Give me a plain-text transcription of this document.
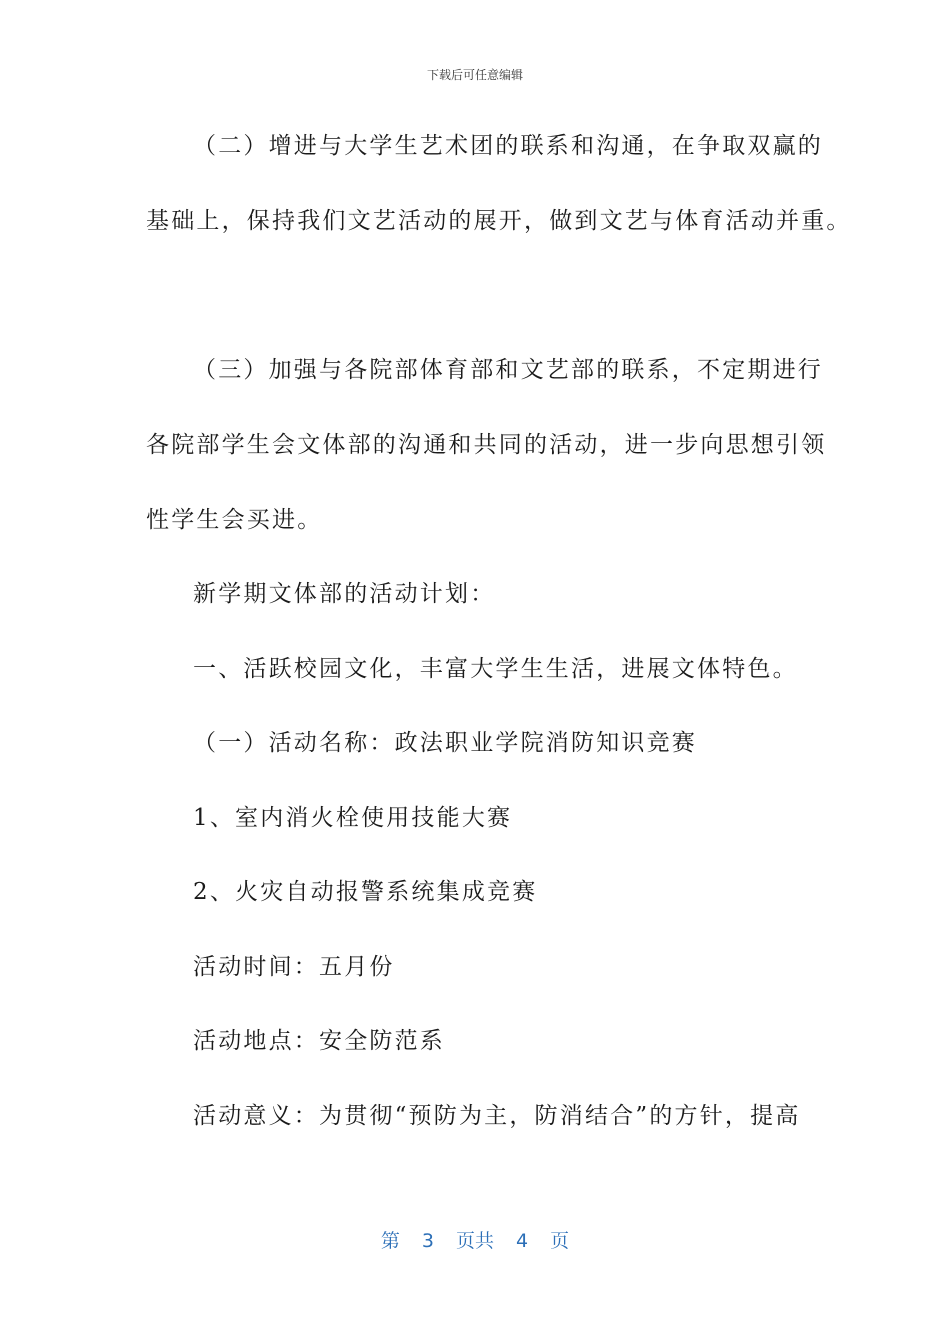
下载后可任意编辑
（二）增进与大学生艺术团的联系和沟通，在争取双赢的
基础上，保持我们文艺活动的展开，做到文艺与体育活动并重。
（三）加强与各院部体育部和文艺部的联系，不定期进行
各院部学生会文体部的沟通和共同的活动，进一步向思想引领
性学生会买进。
新学期文体部的活动计划：
一、活跃校园文化，丰富大学生生活，进展文体特色。
（一）活动名称：政法职业学院消防知识竞赛
1、室内消火栓使用技能大赛
2、火灾自动报警系统集成竞赛
活动时间：五月份
活动地点：安全防范系
活动意义：为贯彻“预防为主，防消结合”的方针，提高
第 3 页共 4 页
